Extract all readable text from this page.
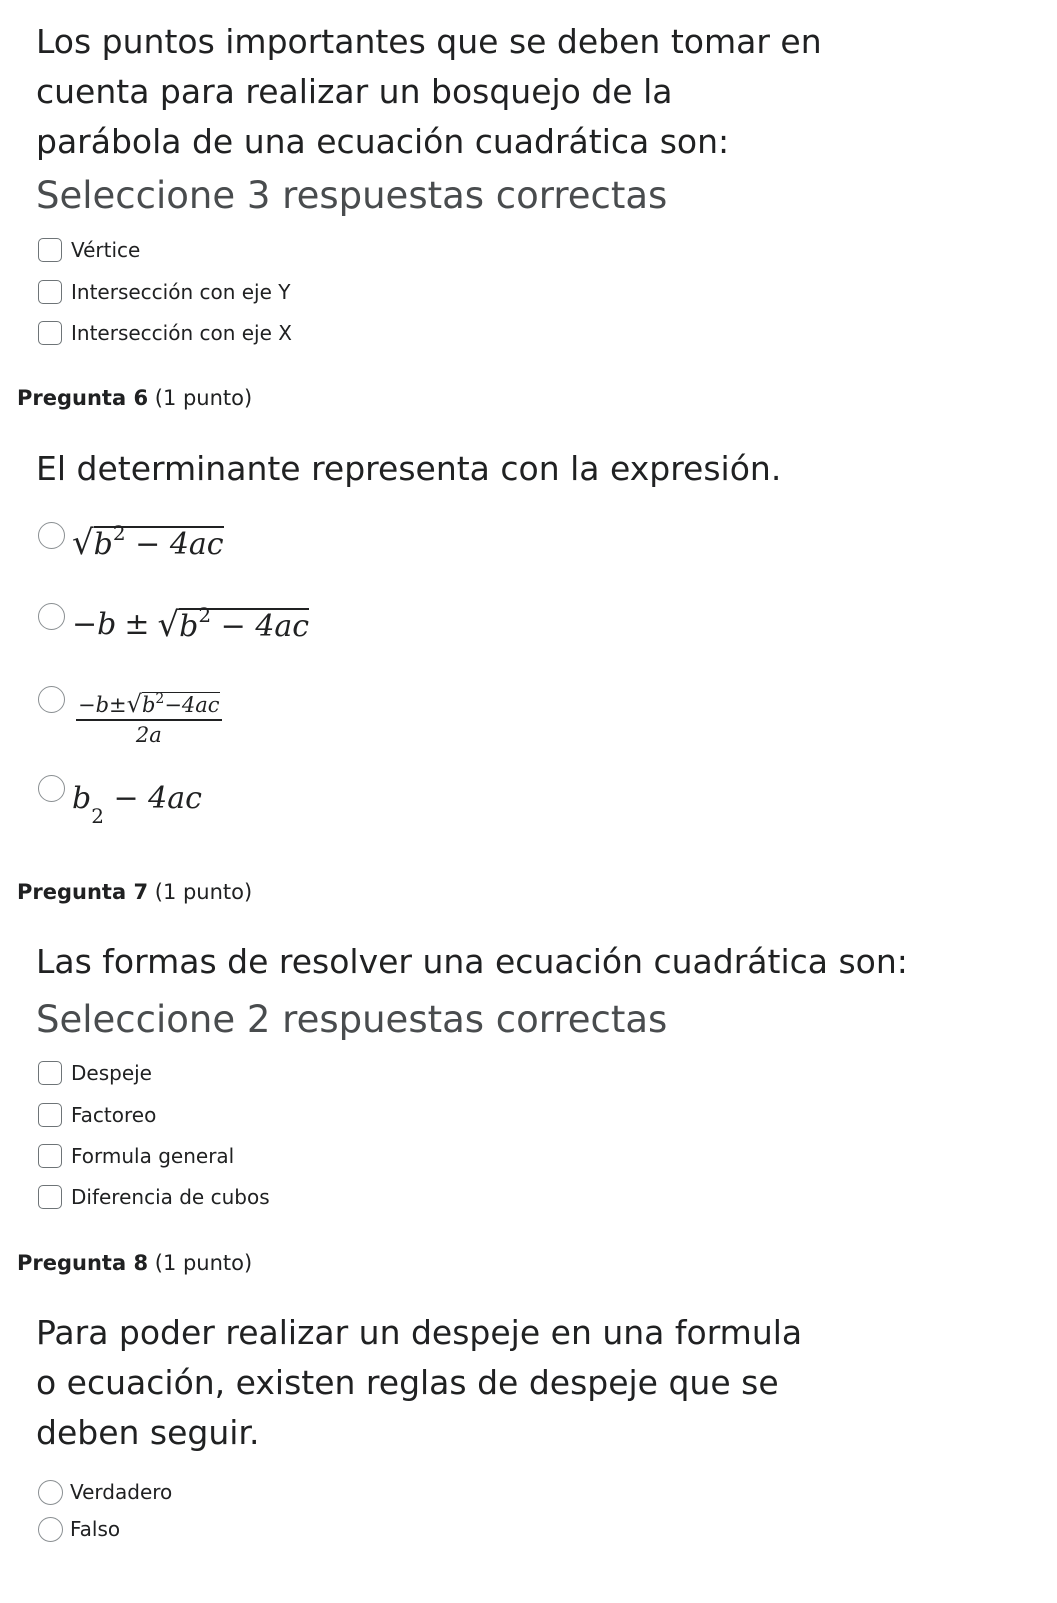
Los puntos importantes que se deben tomar en cuenta para realizar un bosquejo de la parábola de una ecuación cuadrática son:
Seleccione 3 respuestas correctas
Vértice
Intersección con eje Y
Intersección con eje X
Pregunta 6 (1 punto)
El determinante representa con la expresión.
√ $b^2 - 4ac$
−b ± √ $b^2 - 4ac$
$\frac{-b\pm √ b^2-4ac}{2a}$
b 2 − 4ac
Pregunta 7 (1 punto)
Las formas de resolver una ecuación cuadrática son:
Seleccione 2 respuestas correctas
Despeje
Factoreo
Formula general
Diferencia de cubos
Pregunta 8 (1 punto)
Para poder realizar un despeje en una formula o ecuación, existen reglas de despeje que se deben seguir.
Verdadero
Falso
